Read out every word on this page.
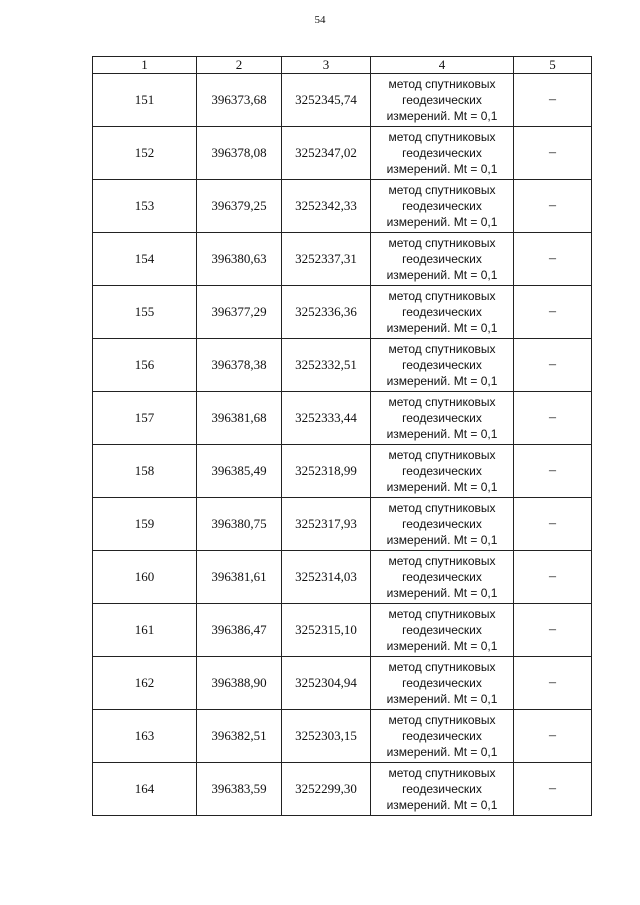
54
1	2	3	4	5
151	396373,68	3252345,74	метод спутниковых
геодезических
измерений. Mt = 0,1	–
152	396378,08	3252347,02	метод спутниковых
геодезических
измерений. Mt = 0,1	–
153	396379,25	3252342,33	метод спутниковых
геодезических
измерений. Mt = 0,1	–
154	396380,63	3252337,31	метод спутниковых
геодезических
измерений. Mt = 0,1	–
155	396377,29	3252336,36	метод спутниковых
геодезических
измерений. Mt = 0,1	–
156	396378,38	3252332,51	метод спутниковых
геодезических
измерений. Mt = 0,1	–
157	396381,68	3252333,44	метод спутниковых
геодезических
измерений. Mt = 0,1	–
158	396385,49	3252318,99	метод спутниковых
геодезических
измерений. Mt = 0,1	–
159	396380,75	3252317,93	метод спутниковых
геодезических
измерений. Mt = 0,1	–
160	396381,61	3252314,03	метод спутниковых
геодезических
измерений. Mt = 0,1	–
161	396386,47	3252315,10	метод спутниковых
геодезических
измерений. Mt = 0,1	–
162	396388,90	3252304,94	метод спутниковых
геодезических
измерений. Mt = 0,1	–
163	396382,51	3252303,15	метод спутниковых
геодезических
измерений. Mt = 0,1	–
164	396383,59	3252299,30	метод спутниковых
геодезических
измерений. Mt = 0,1	–
